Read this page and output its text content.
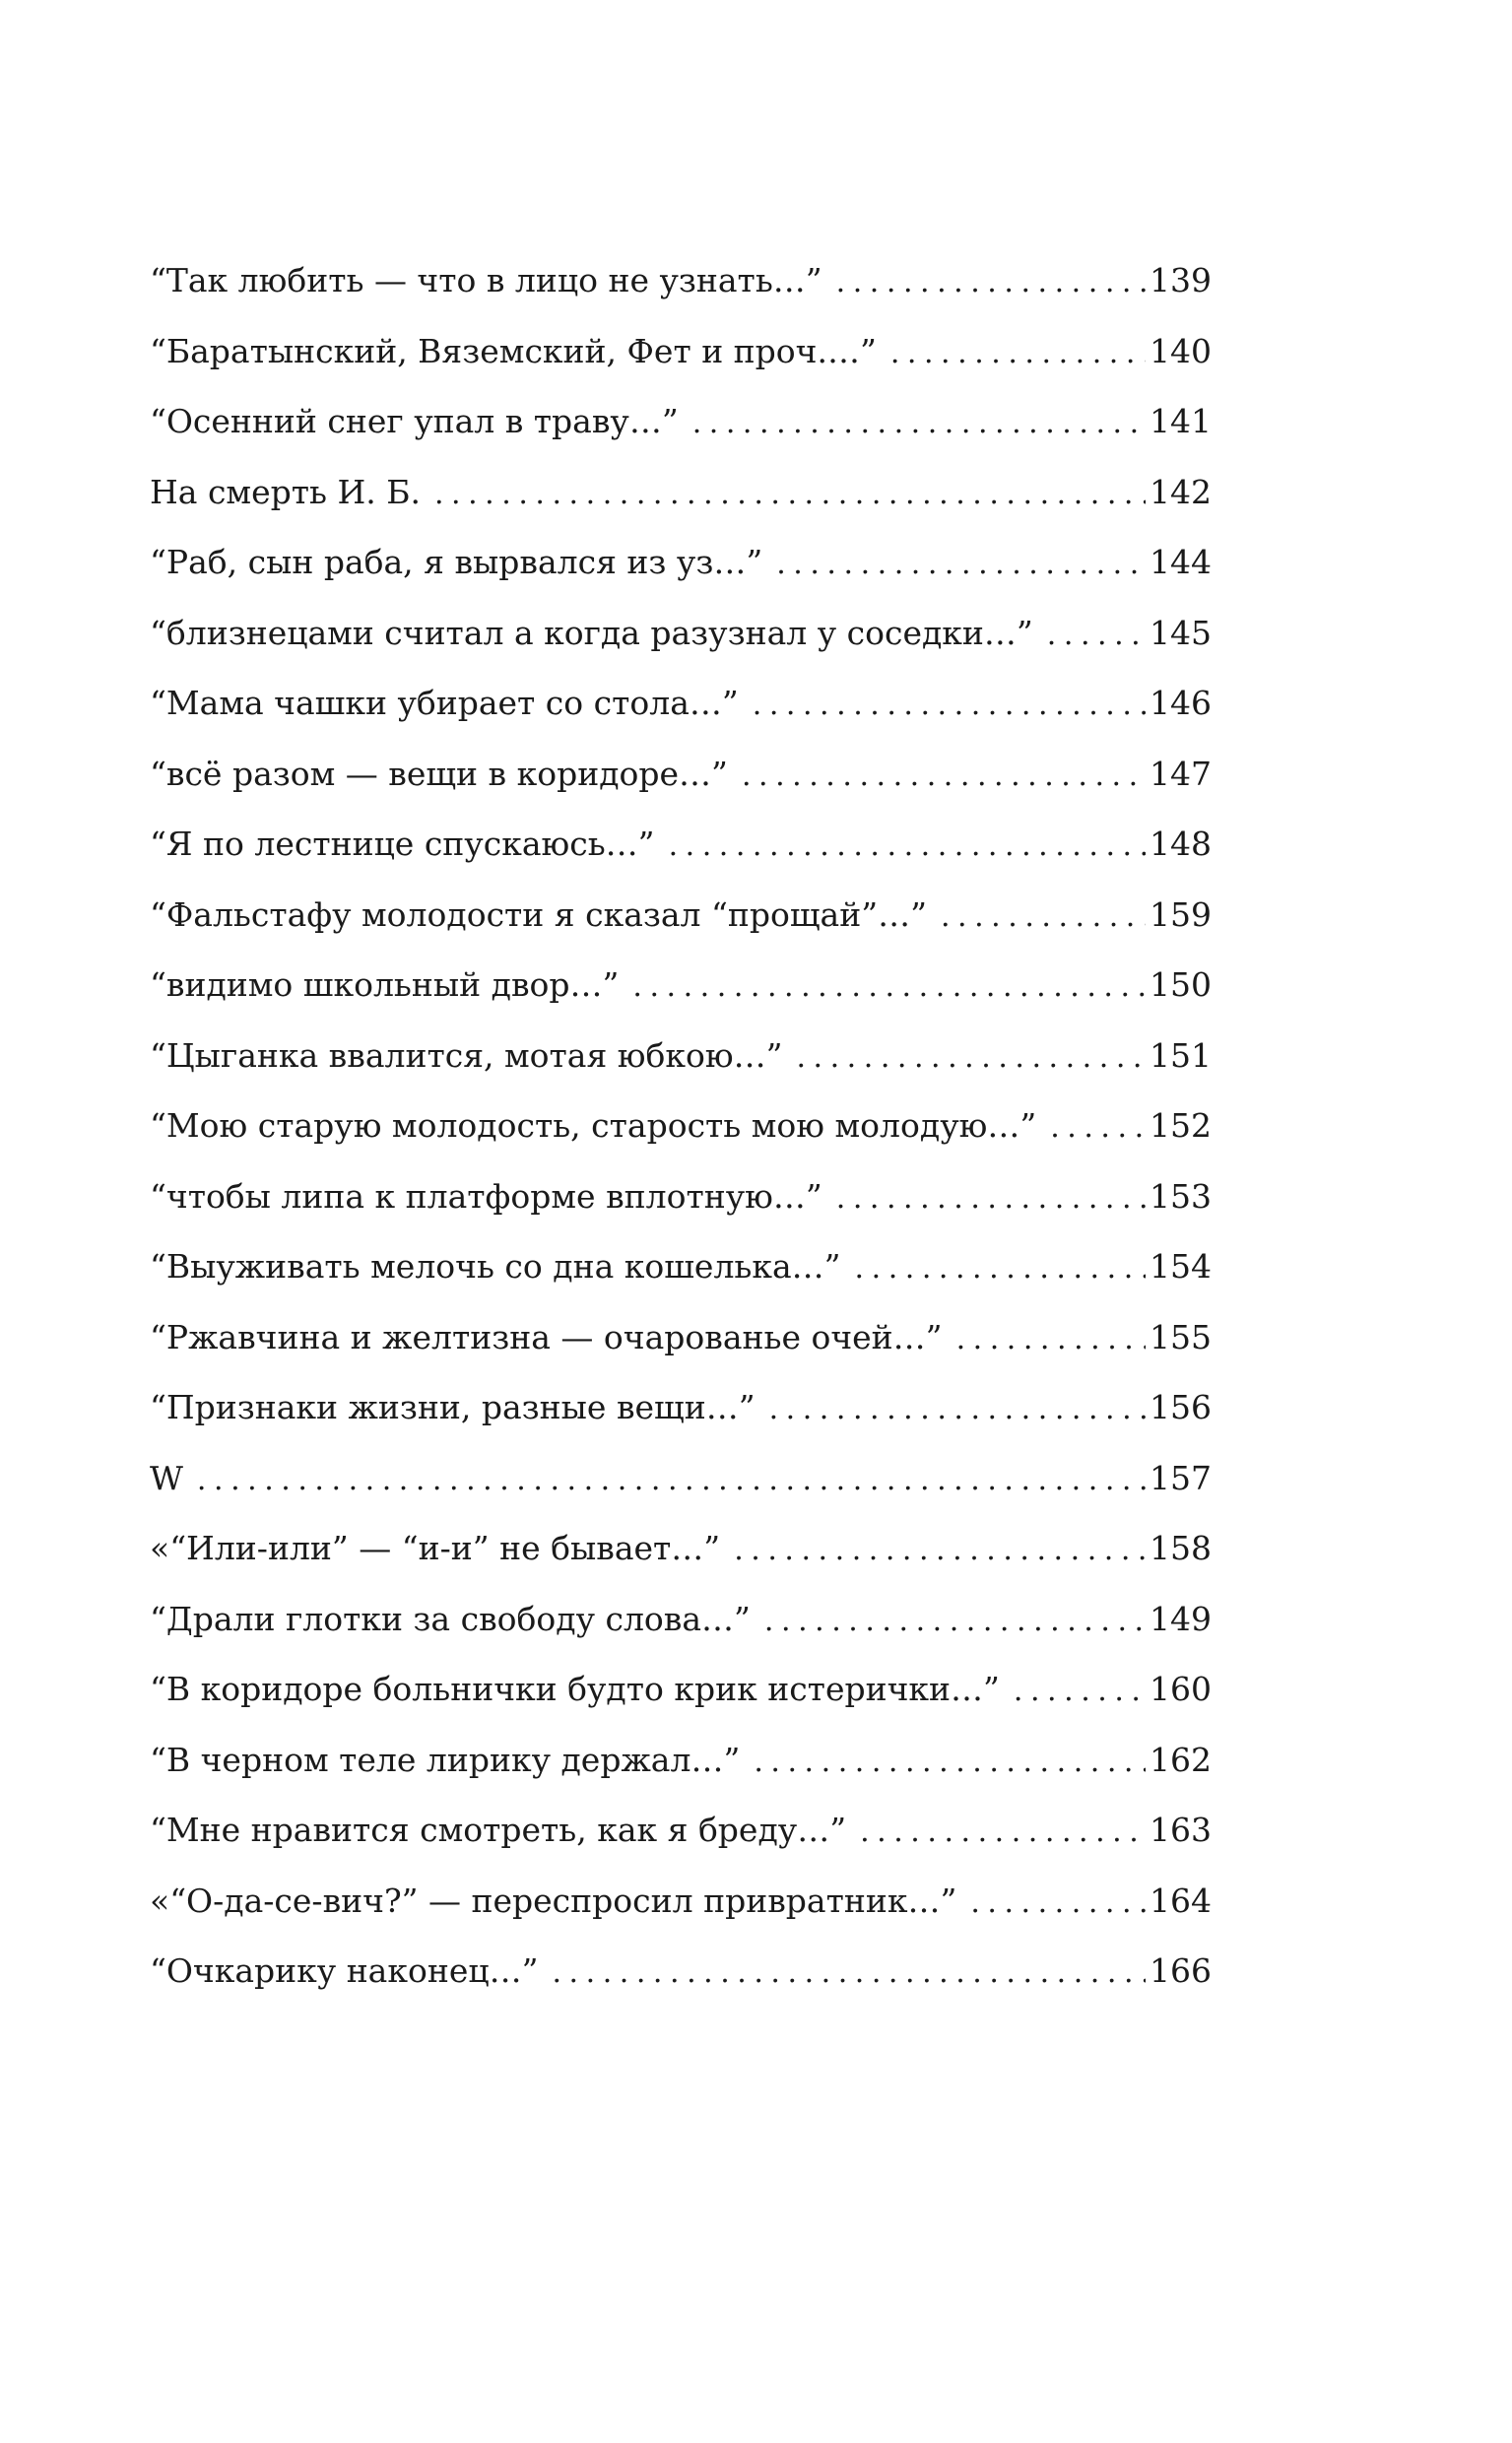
“Так любить — что в лицо не узнать…” . . .	139
“Баратынский, Вяземский, Фет и проч.…” . . .	140
“Осенний снег упал в траву…” . . .	141
На смерть И. Б. . . .	142
“Раб, сын раба, я вырвался из уз…” . . .	144
“близнецами считал а когда разузнал у соседки…” . . .	145
“Мама чашки убирает со стола…” . . .	146
“всё разом — вещи в коридоре…” . . .	147
“Я по лестнице спускаюсь…” . . .	148
“Фальстафу молодости я сказал “прощай”…” . . .	159
“видимо школьный двор…” . . .	150
“Цыганка ввалится, мотая юбкою…” . . .	151
“Мою старую молодость, старость мою молодую…” . . .	152
“чтобы липа к платформе вплотную…” . . .	153
“Выуживать мелочь со дна кошелька…” . . .	154
“Ржавчина и желтизна — очарованье очей…” . . .	155
“Признаки жизни, разные вещи…” . . .	156
W . . .	157
«“Или-или” — “и-и” не бывает…” . . .	158
“Драли глотки за свободу слова…” . . .	149
“В коридоре больнички будто крик истерички…” . . .	160
“В черном теле лирику держал…” . . .	162
“Мне нравится смотреть, как я бреду…” . . .	163
«“О-да-се-вич?” — переспросил привратник…” . . .	164
“Очкарику наконец…” . . .	166
